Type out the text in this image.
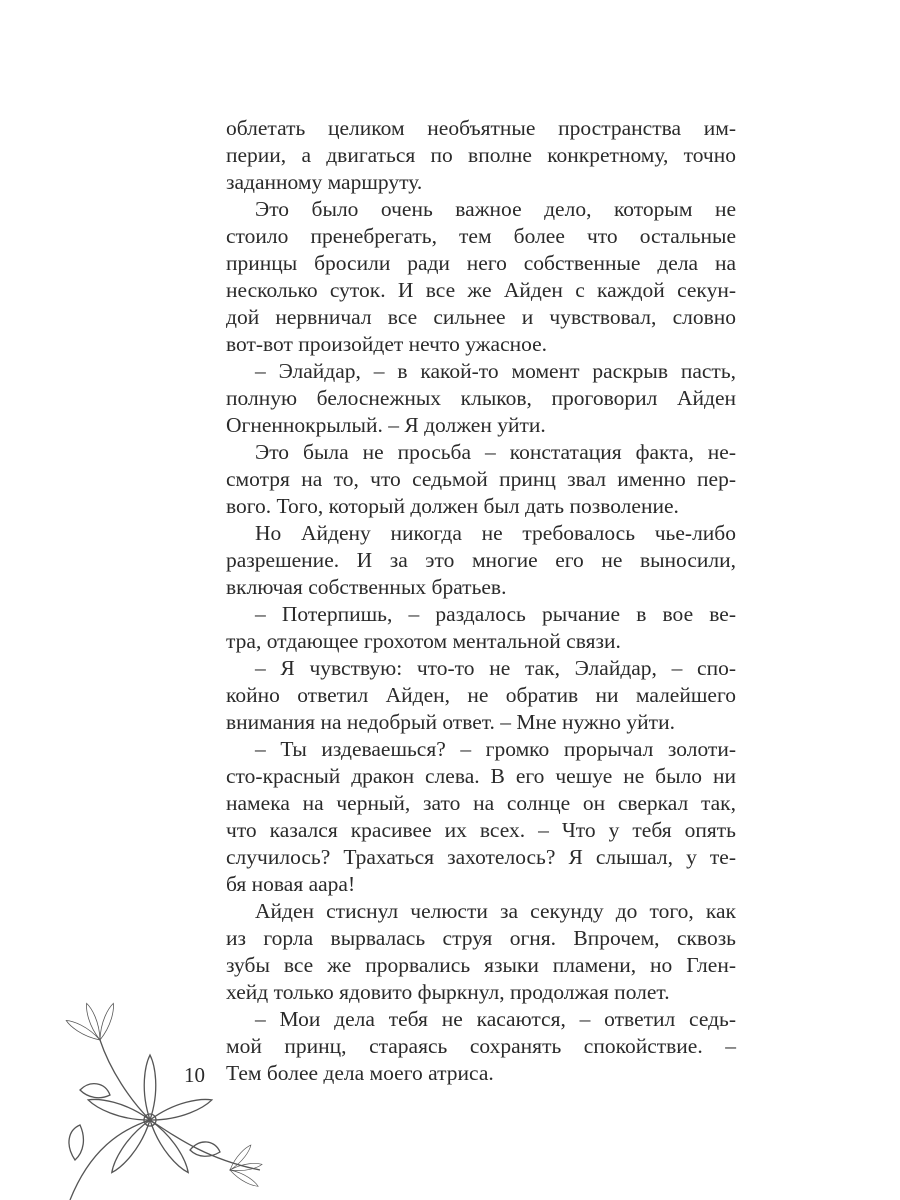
облетать целиком необъятные пространства им-
перии, а двигаться по вполне конкретному, точно
заданному маршруту.
Это было очень важное дело, которым не
стоило пренебрегать, тем более что остальные
принцы бросили ради него собственные дела на
несколько суток. И все же Айден с каждой секун-
дой нервничал все сильнее и чувствовал, словно
вот-вот произойдет нечто ужасное.
– Элайдар, – в какой-то момент раскрыв пасть,
полную белоснежных клыков, проговорил Айден
Огненнокрылый. – Я должен уйти.
Это была не просьба – констатация факта, не-
смотря на то, что седьмой принц звал именно пер-
вого. Того, который должен был дать позволение.
Но Айдену никогда не требовалось чье-либо
разрешение. И за это многие его не выносили,
включая собственных братьев.
– Потерпишь, – раздалось рычание в вое ве-
тра, отдающее грохотом ментальной связи.
– Я чувствую: что-то не так, Элайдар, – спо-
койно ответил Айден, не обратив ни малейшего
внимания на недобрый ответ. – Мне нужно уйти.
– Ты издеваешься? – громко прорычал золоти-
сто-красный дракон слева. В его чешуе не было ни
намека на черный, зато на солнце он сверкал так,
что казался красивее их всех. – Что у тебя опять
случилось? Трахаться захотелось? Я слышал, у те-
бя новая аара!
Айден стиснул челюсти за секунду до того, как
из горла вырвалась струя огня. Впрочем, сквозь
зубы все же прорвались языки пламени, но Глен-
хейд только ядовито фыркнул, продолжая полет.
– Мои дела тебя не касаются, – ответил седь-
мой принц, стараясь сохранять спокойствие. –
Тем более дела моего атриса.
10
